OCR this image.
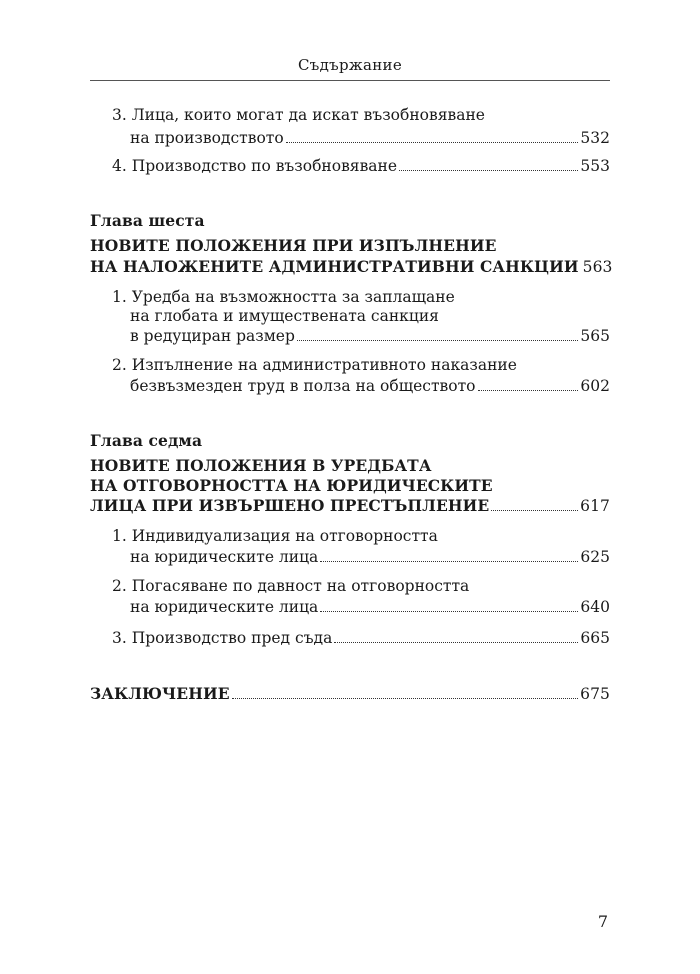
Съдържание
3. Лица, които могат да искат възобновяване
на производството	532
4. Производство по възобновяване	553
Глава шеста
НОВИТЕ ПОЛОЖЕНИЯ ПРИ ИЗПЪЛНЕНИЕ
НА НАЛОЖЕНИТЕ АДМИНИСТРАТИВНИ САНКЦИИ 563
1. Уредба на възможността за заплащане
на глобата и имуществената санкция
в редуциран размер	565
2. Изпълнение на административното наказание
безвъзмезден труд в полза на обществото	602
Глава седма
НОВИТЕ ПОЛОЖЕНИЯ В УРЕДБАТА
НА ОТГОВОРНОСТТА НА ЮРИДИЧЕСКИТЕ
ЛИЦА ПРИ ИЗВЪРШЕНО ПРЕСТЪПЛЕНИЕ	617
1. Индивидуализация на отговорността
на юридическите лица	625
2. Погасяване по давност на отговорността
на юридическите лица	640
3. Производство пред съда	665
ЗАКЛЮЧЕНИЕ	675
7
